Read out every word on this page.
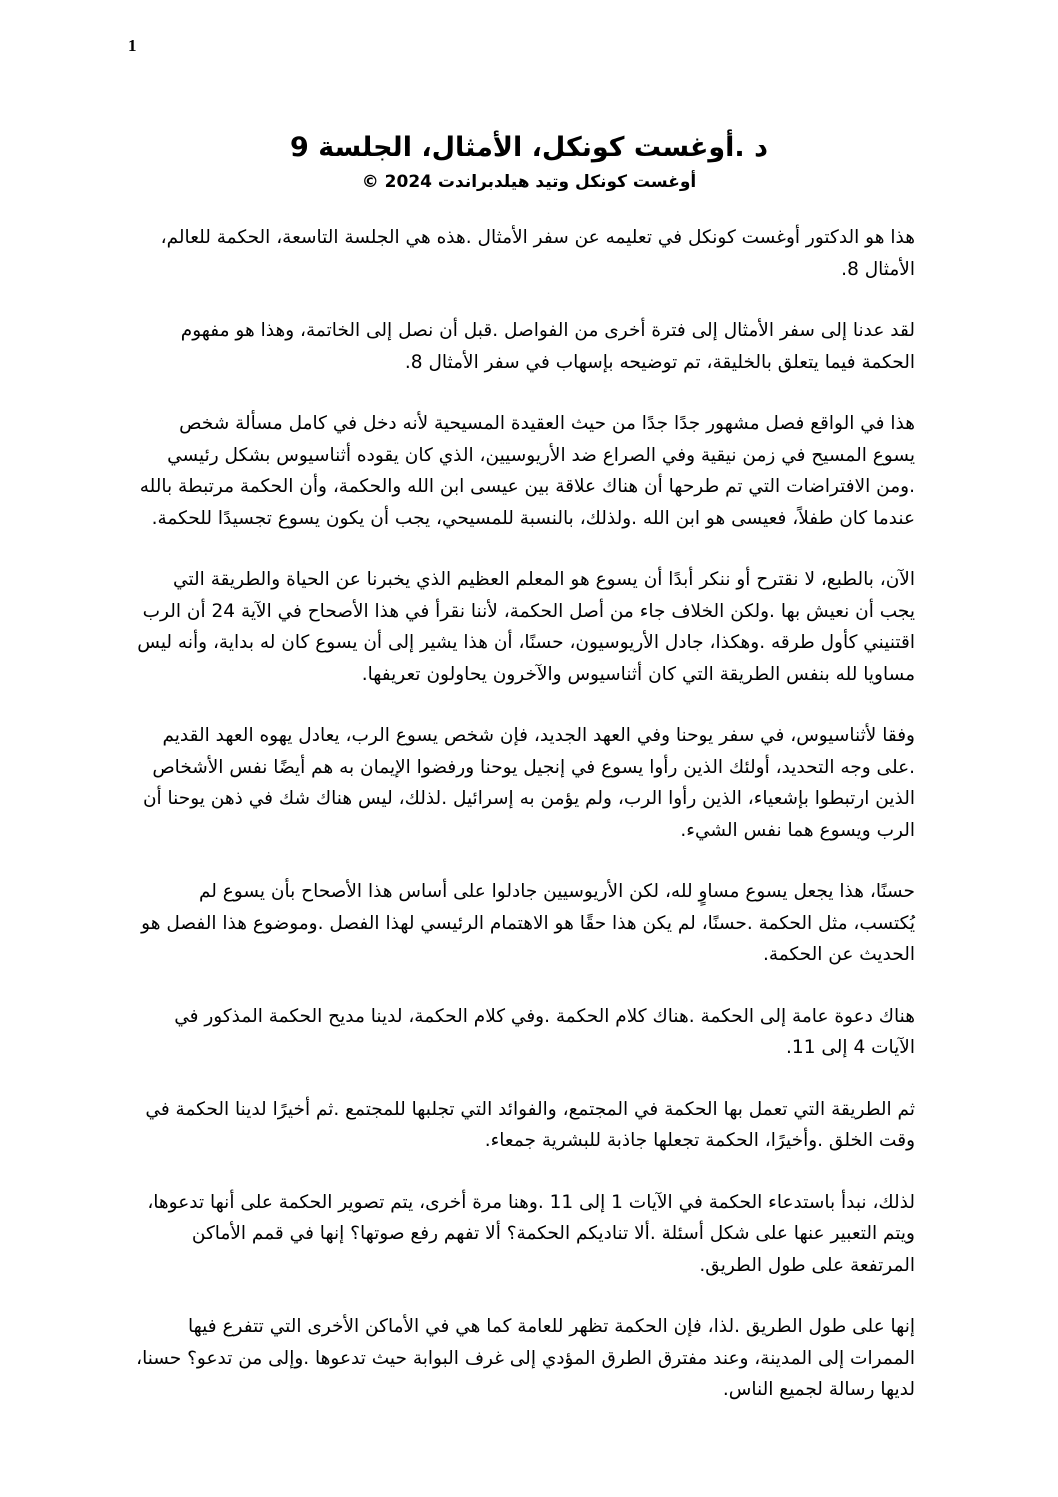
1

د .أوغست كونكل، الأمثال، الجلسة 9

أوغست كونكل وتيد هيلدبراندت 2024 ©

هذا هو الدكتور أوغست كونكل في تعليمه عن سفر الأمثال .هذه هي الجلسة التاسعة، الحكمة للعالم، الأمثال 8.

لقد عدنا إلى سفر الأمثال إلى فترة أخرى من الفواصل .قبل أن نصل إلى الخاتمة، وهذا هو مفهوم الحكمة فيما يتعلق بالخليقة، تم توضيحه بإسهاب في سفر الأمثال 8.

هذا في الواقع فصل مشهور جدًا جدًا من حيث العقيدة المسيحية لأنه دخل في كامل مسألة شخص يسوع المسيح في زمن نيقية وفي الصراع ضد الأريوسيين، الذي كان يقوده أثناسيوس بشكل رئيسي .ومن الافتراضات التي تم طرحها أن هناك علاقة بين عيسى ابن الله والحكمة، وأن الحكمة مرتبطة بالله عندما كان طفلاً، فعيسى هو ابن الله .ولذلك، بالنسبة للمسيحي، يجب أن يكون يسوع تجسيدًا للحكمة.

الآن، بالطبع، لا نقترح أو ننكر أبدًا أن يسوع هو المعلم العظيم الذي يخبرنا عن الحياة والطريقة التي يجب أن نعيش بها .ولكن الخلاف جاء من أصل الحكمة، لأننا نقرأ في هذا الأصحاح في الآية 24 أن الرب اقتنيني كأول طرقه .وهكذا، جادل الأريوسيون، حسنًا، أن هذا يشير إلى أن يسوع كان له بداية، وأنه ليس مساويا لله بنفس الطريقة التي كان أثناسيوس والآخرون يحاولون تعريفها.

وفقا لأثناسيوس، في سفر يوحنا وفي العهد الجديد، فإن شخص يسوع الرب، يعادل يهوه العهد القديم .على وجه التحديد، أولئك الذين رأوا يسوع في إنجيل يوحنا ورفضوا الإيمان به هم أيضًا نفس الأشخاص الذين ارتبطوا بإشعياء، الذين رأوا الرب، ولم يؤمن به إسرائيل .لذلك، ليس هناك شك في ذهن يوحنا أن الرب ويسوع هما نفس الشيء.

حسنًا، هذا يجعل يسوع مساوٍ لله، لكن الأريوسيين جادلوا على أساس هذا الأصحاح بأن يسوع لم يُكتسب، مثل الحكمة .حسنًا، لم يكن هذا حقًا هو الاهتمام الرئيسي لهذا الفصل .وموضوع هذا الفصل هو الحديث عن الحكمة.

هناك دعوة عامة إلى الحكمة .هناك كلام الحكمة .وفي كلام الحكمة، لدينا مديح الحكمة المذكور في الآيات 4 إلى 11.

ثم الطريقة التي تعمل بها الحكمة في المجتمع، والفوائد التي تجلبها للمجتمع .ثم أخيرًا لدينا الحكمة في وقت الخلق .وأخيرًا، الحكمة تجعلها جاذبة للبشرية جمعاء.

لذلك، نبدأ باستدعاء الحكمة في الآيات 1 إلى 11 .وهنا مرة أخرى، يتم تصوير الحكمة على أنها تدعوها، ويتم التعبير عنها على شكل أسئلة .ألا تناديكم الحكمة؟ ألا تفهم رفع صوتها؟ إنها في قمم الأماكن المرتفعة على طول الطريق.

إنها على طول الطريق .لذا، فإن الحكمة تظهر للعامة كما هي في الأماكن الأخرى التي تتفرع فيها الممرات إلى المدينة، وعند مفترق الطرق المؤدي إلى غرف البوابة حيث تدعوها .وإلى من تدعو؟ حسنا، لديها رسالة لجميع الناس.
